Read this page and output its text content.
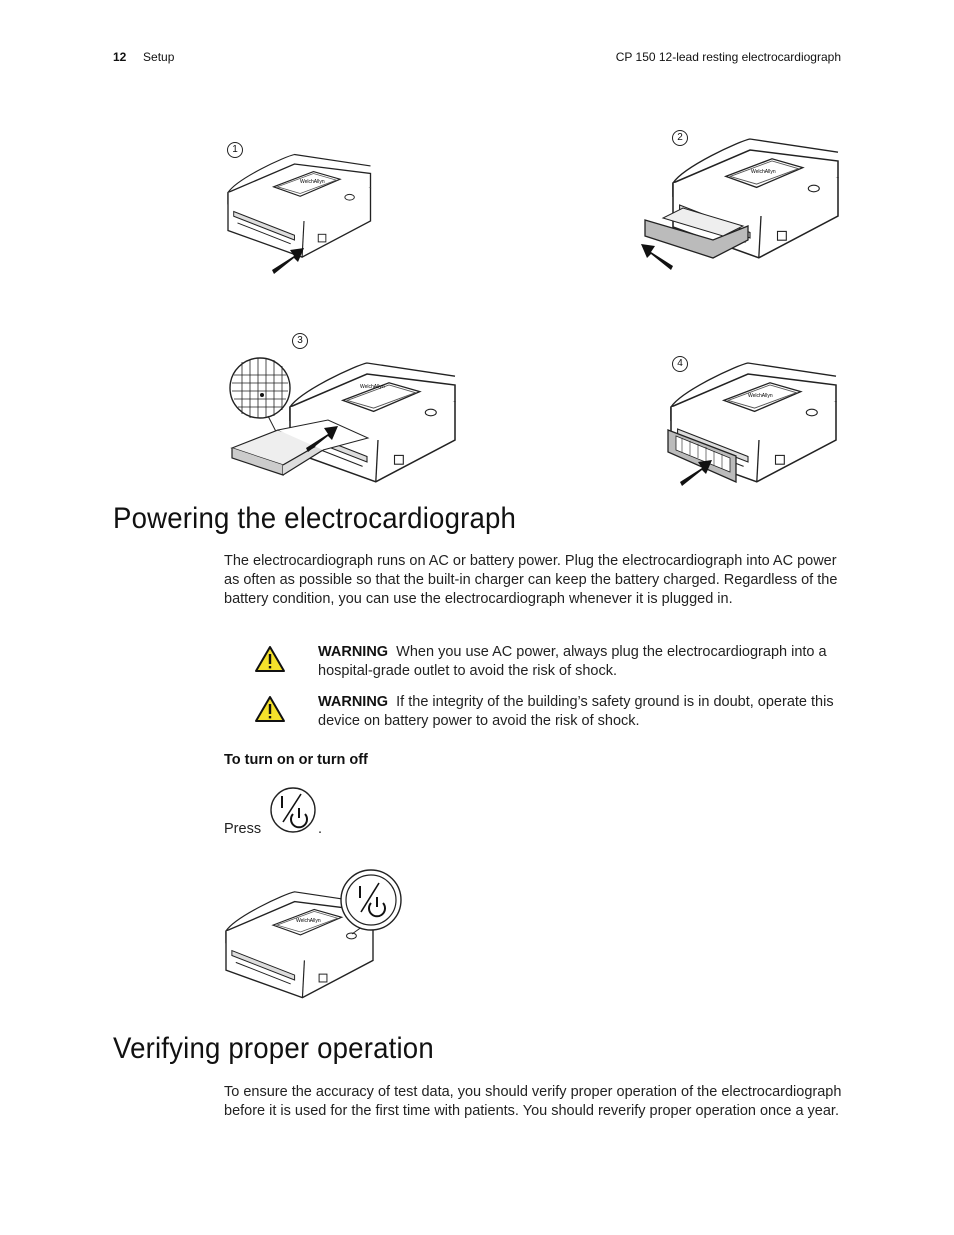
12 Setup	CP 150 12-lead resting electrocardiograph
1
WelchAllyn
2
WelchAllyn
3
WelchAllyn
4
WelchAllyn
Powering the electrocardiograph
The electrocardiograph runs on AC or battery power. Plug the electrocardiograph into AC power as often as possible so that the built-in charger can keep the battery charged. Regardless of the battery condition, you can use the electrocardiograph whenever it is plugged in.
WARNING When you use AC power, always plug the electrocardiograph into a hospital-grade outlet to avoid the risk of shock.
WARNING If the integrity of the building’s safety ground is in doubt, operate this device on battery power to avoid the risk of shock.
To turn on or turn off
Press	.
WelchAllyn
Verifying proper operation
To ensure the accuracy of test data, you should verify proper operation of the electrocardiograph before it is used for the first time with patients. You should reverify proper operation once a year.
